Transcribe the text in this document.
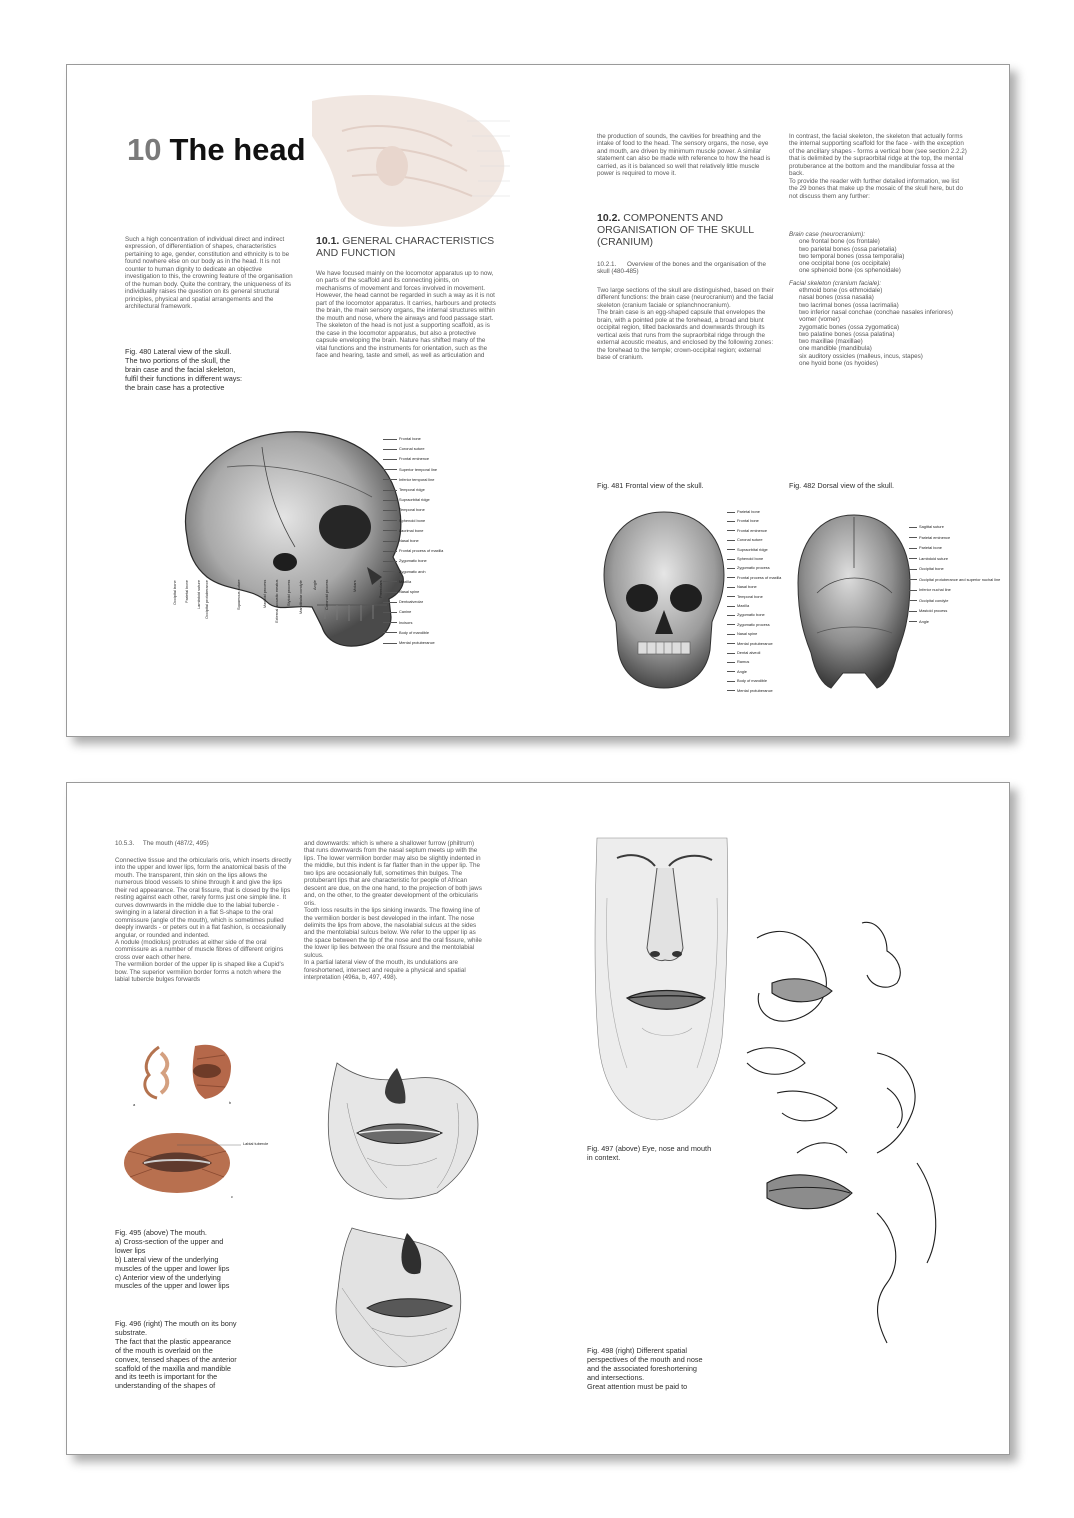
10 The head

Such a high concentration of individual direct and indirect expression, of differentiation of shapes, characteristics pertaining to age, gender, constitution and ethnicity is to be found nowhere else on our body as in the head. It is not counter to human dignity to dedicate an objective investigation to this, the crowning feature of the organisation of the human body. Quite the contrary, the uniqueness of its individuality raises the question on its general structural principles, physical and spatial arrangements and the architectural framework.

Fig. 480 Lateral view of the skull.
The two portions of the skull, the brain case and the facial skeleton, fulfil their functions in different ways: the brain case has a protective

10.1. GENERAL CHARACTERISTICS AND FUNCTION

We have focused mainly on the locomotor apparatus up to now, on parts of the scaffold and its connecting joints, on mechanisms of movement and forces involved in movement. However, the head cannot be regarded in such a way as it is not part of the locomotor apparatus. It carries, harbours and protects the brain, the main sensory organs, the internal structures within the mouth and nose, where the airways and food passage start. The skeleton of the head is not just a supporting scaffold, as is the case in the locomotor apparatus, but also a protective capsule enveloping the brain. Nature has shifted many of the vital functions and the instruments for orientation, such as the face and hearing, taste and smell, as well as articulation and

the production of sounds, the cavities for breathing and the intake of food to the head. The sensory organs, the nose, eye and mouth, are driven by minimum muscle power. A similar statement can also be made with reference to how the head is carried, as it is balanced so well that relatively little muscle power is required to move it.

10.2. COMPONENTS AND ORGANISATION OF THE SKULL (CRANIUM)
10.2.1. Overview of the bones and the organisation of the skull (480-485)

Two large sections of the skull are distinguished, based on their different functions: the brain case (neurocranium) and the facial skeleton (cranium faciale or splanchnocranium).
The brain case is an egg-shaped capsule that envelopes the brain, with a pointed pole at the forehead, a broad and blunt occipital region, tilted backwards and downwards through its vertical axis that runs from the supraorbital ridge through the external acoustic meatus, and enclosed by the following zones: the forehead to the temple; crown-occipital region; external base of cranium.

In contrast, the facial skeleton, the skeleton that actually forms the internal supporting scaffold for the face - with the exception of the ancillary shapes - forms a vertical bow (see section 2.2.2) that is delimited by the supraorbital ridge at the top, the mental protuberance at the bottom and the mandibular fossa at the back.
To provide the reader with further detailed information, we list the 29 bones that make up the mosaic of the skull here, but do not discuss them any further:

Brain case (neurocranium):
one frontal bone (os frontale)
two parietal bones (ossa parietalia)
two temporal bones (ossa temporalia)
one occipital bone (os occipitale)
one sphenoid bone (os sphenoidale)
Facial skeleton (cranium faciale):
ethmoid bone (os ethmoidale)
nasal bones (ossa nasalia)
two lacrimal bones (ossa lacrimalia)
two inferior nasal conchae (conchae nasales inferiores)
vomer (vomer)
zygomatic bones (ossa zygomatica)
two palatine bones (ossa palatina)
two maxillae (maxillae)
one mandible (mandibula)
six auditory ossicles (malleus, incus, stapes)
one hyoid bone (os hyoides)
Frontal bone
Coronal suture
Frontal eminence
Superior temporal line
Inferior temporal line
Temporal ridge
Supraorbital ridge
Temporal bone
Sphenoid bone
Lacrimal bone
Nasal bone
Frontal process of maxilla
Zygomatic bone
Zygomatic arch
Maxilla
Nasal spine
Dentoalveolar
Canine
Incisors
Body of mandible
Mental protuberance
Occipital bone Parietal bone Lambdoid suture Occipital protuberance	Squamous suture	Mastoid process External acoustic meatus Styloid process Mandibular condyle Angle Coronoid process	Molars	Premolars

Fig. 481 Frontal view of the skull.	Fig. 482 Dorsal view of the skull.

Parietal bone
Frontal bone
Frontal eminence
Coronal suture
Supraorbital ridge
Sphenoid bone
Zygomatic process
Frontal process of maxilla
Nasal bone
Temporal bone
Maxilla
Zygomatic bone
Zygomatic process
Nasal spine
Mental protuberance
Dental alveoli
Ramus
Angle
Body of mandible
Mental protuberance
Sagittal suture
Parietal eminence
Parietal bone
Lambdoid suture
Occipital bone
Occipital protuberance and superior nuchal line
Inferior nuchal line
Occipital condyle
Mastoid process
Angle
10.5.3.     The mouth (487/2, 495)

Connective tissue and the orbicularis oris, which inserts directly into the upper and lower lips, form the anatomical basis of the mouth. The transparent, thin skin on the lips allows the numerous blood vessels to shine through it and give the lips their red appearance. The oral fissure, that is closed by the lips resting against each other, rarely forms just one simple line. It curves downwards in the middle due to the labial tubercle - swinging in a lateral direction in a flat S-shape to the oral commissure (angle of the mouth), which is sometimes pulled deeply inwards - or peters out in a flat fashion, is occasionally angular, or rounded and indented.
A nodule (modiolus) protrudes at either side of the oral commissure as a number of muscle fibres of different origins cross over each other here.
The vermilion border of the upper lip is shaped like a Cupid's bow. The superior vermilion border forms a notch where the labial tubercle bulges forwards

and downwards: which is where a shallower furrow (philtrum) that runs downwards from the nasal septum meets up with the lips. The lower vermilion border may also be slightly indented in the middle, but this indent is far flatter than in the upper lip. The two lips are occasionally full, sometimes thin bulges. The protuberant lips that are characteristic for people of African descent are due, on the one hand, to the projection of both jaws and, on the other, to the greater development of the orbicularis oris.
Tooth loss results in the lips sinking inwards. The flowing line of the vermilion border is best developed in the infant. The nose delimits the lips from above, the nasolabial sulcus at the sides and the mentolabial sulcus below. We refer to the upper lip as the space between the tip of the nose and the oral fissure, while the lower lip lies between the oral fissure and the mentolabial sulcus.
In a partial lateral view of the mouth, its undulations are foreshortened, intersect and require a physical and spatial interpretation (496a, b, 497, 498).

a	b
Labial tubercle
c

Fig. 495 (above) The mouth.
a) Cross-section of the upper and lower lips
b) Lateral view of the underlying muscles of the upper and lower lips
c) Anterior view of the underlying muscles of the upper and lower lips

Fig. 496 (right) The mouth on its bony substrate.
The fact that the plastic appearance of the mouth is overlaid on the convex, tensed shapes of the anterior scaffold of the maxilla and mandible and its teeth is important for the understanding of the shapes of

Fig. 497 (above) Eye, nose and mouth in context.

Fig. 498 (right) Different spatial perspectives of the mouth and nose and the associated foreshortening and intersections.
Great attention must be paid to
